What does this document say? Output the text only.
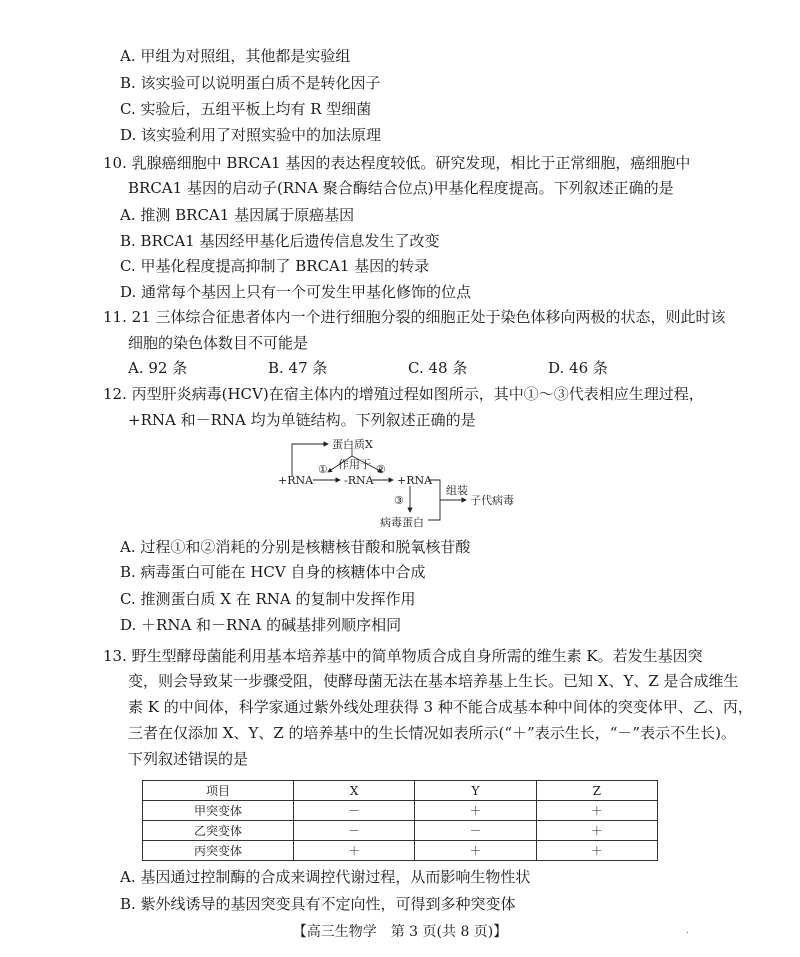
A. 甲组为对照组，其他都是实验组
B. 该实验可以说明蛋白质不是转化因子
C. 实验后，五组平板上均有 R 型细菌
D. 该实验利用了对照实验中的加法原理
10. 乳腺癌细胞中 BRCA1 基因的表达程度较低。研究发现，相比于正常细胞，癌细胞中
BRCA1 基因的启动子(RNA 聚合酶结合位点)甲基化程度提高。下列叙述正确的是
A. 推测 BRCA1 基因属于原癌基因
B. BRCA1 基因经甲基化后遗传信息发生了改变
C. 甲基化程度提高抑制了 BRCA1 基因的转录
D. 通常每个基因上只有一个可发生甲基化修饰的位点
11. 21 三体综合征患者体内一个进行细胞分裂的细胞正处于染色体移向两极的状态，则此时该
细胞的染色体数目不可能是
A. 92 条	B. 47 条	C. 48 条	D. 46 条
12. 丙型肝炎病毒(HCV)在宿主体内的增殖过程如图所示，其中①～③代表相应生理过程，
+RNA 和－RNA 均为单链结构。下列叙述正确的是
蛋白质X
作用于
+RNA	-RNA +RNA
①	②
③
病毒蛋白
组装
子代病毒
A. 过程①和②消耗的分别是核糖核苷酸和脱氧核苷酸
B. 病毒蛋白可能在 HCV 自身的核糖体中合成
C. 推测蛋白质 X 在 RNA 的复制中发挥作用
D. ＋RNA 和－RNA 的碱基排列顺序相同
13. 野生型酵母菌能利用基本培养基中的简单物质合成自身所需的维生素 K。若发生基因突
变，则会导致某一步骤受阻，使酵母菌无法在基本培养基上生长。已知 X、Y、Z 是合成维生
素 K 的中间体，科学家通过紫外线处理获得 3 种不能合成基本种中间体的突变体甲、乙、丙，
三者在仅添加 X、Y、Z 的培养基中的生长情况如表所示(“＋”表示生长，“－”表示不生长)。
下列叙述错误的是
项目	X	Y	Z
甲突变体	－	＋	＋
乙突变体	－	－	＋
丙突变体	＋	＋	＋
A. 基因通过控制酶的合成来调控代谢过程，从而影响生物性状
B. 紫外线诱导的基因突变具有不定向性，可得到多种突变体
【高三生物学　第 3 页(共 8 页)】	·
